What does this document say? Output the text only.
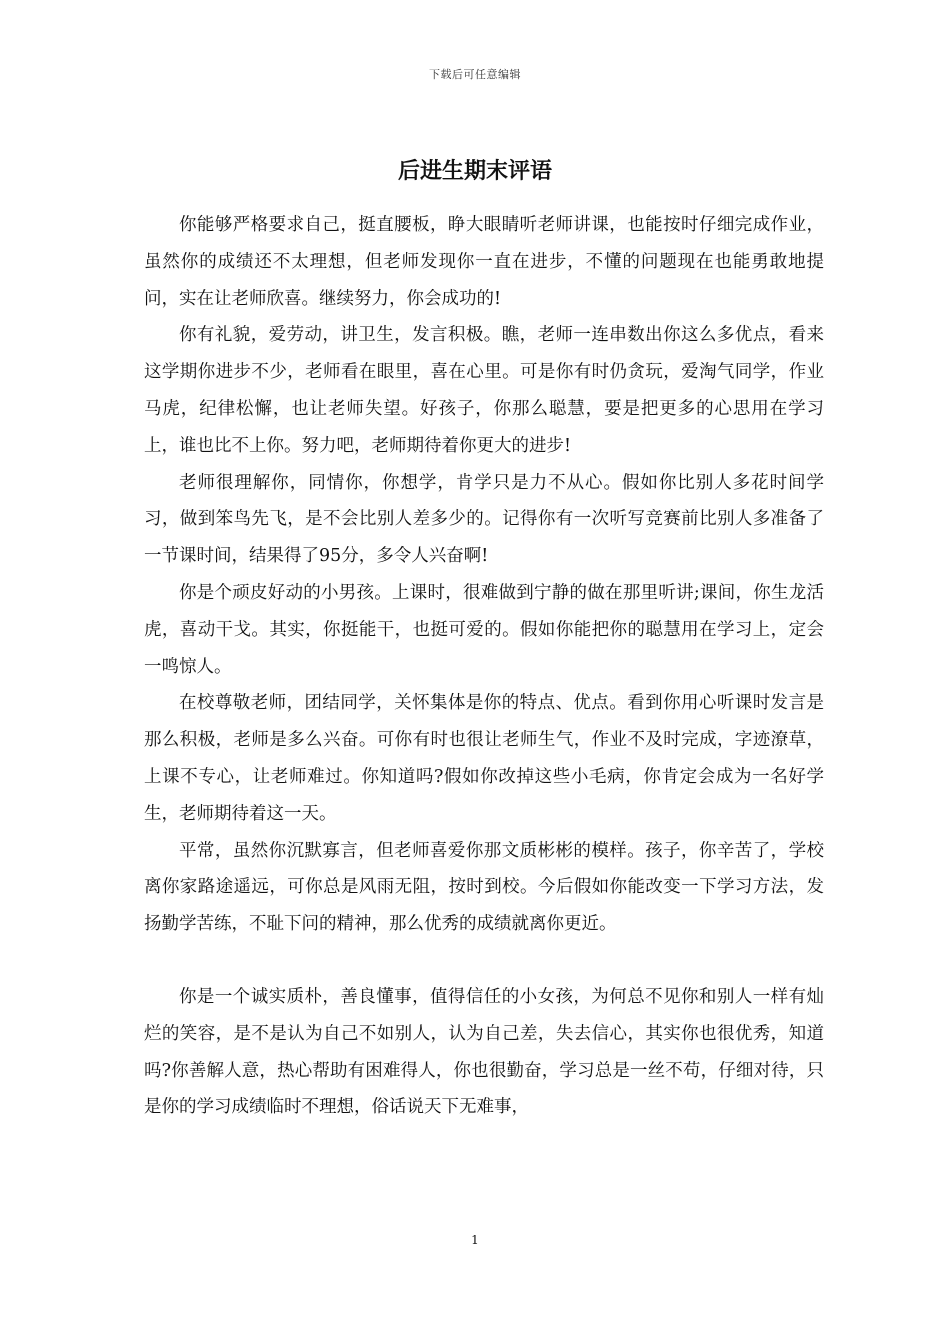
下载后可任意编辑
后进生期末评语

你能够严格要求自己，挺直腰板，睁大眼睛听老师讲课，也能按时仔细完成作业，虽然你的成绩还不太理想，但老师发现你一直在进步，不懂的问题现在也能勇敢地提问，实在让老师欣喜。继续努力，你会成功的!

你有礼貌，爱劳动，讲卫生，发言积极。瞧，老师一连串数出你这么多优点，看来这学期你进步不少，老师看在眼里，喜在心里。可是你有时仍贪玩，爱淘气同学，作业马虎，纪律松懈，也让老师失望。好孩子，你那么聪慧，要是把更多的心思用在学习上，谁也比不上你。努力吧，老师期待着你更大的进步!

老师很理解你，同情你，你想学，肯学只是力不从心。假如你比别人多花时间学习，做到笨鸟先飞，是不会比别人差多少的。记得你有一次听写竞赛前比别人多准备了一节课时间，结果得了95分，多令人兴奋啊!

你是个顽皮好动的小男孩。上课时，很难做到宁静的做在那里听讲;课间，你生龙活虎，喜动干戈。其实，你挺能干，也挺可爱的。假如你能把你的聪慧用在学习上，定会一鸣惊人。

在校尊敬老师，团结同学，关怀集体是你的特点、优点。看到你用心听课时发言是那么积极，老师是多么兴奋。可你有时也很让老师生气，作业不及时完成，字迹潦草，上课不专心，让老师难过。你知道吗?假如你改掉这些小毛病，你肯定会成为一名好学生，老师期待着这一天。

平常，虽然你沉默寡言，但老师喜爱你那文质彬彬的模样。孩子，你辛苦了，学校离你家路途遥远，可你总是风雨无阻，按时到校。今后假如你能改变一下学习方法，发扬勤学苦练，不耻下问的精神，那么优秀的成绩就离你更近。

你是一个诚实质朴，善良懂事，值得信任的小女孩，为何总不见你和别人一样有灿烂的笑容，是不是认为自己不如别人，认为自己差，失去信心，其实你也很优秀，知道吗?你善解人意，热心帮助有困难得人，你也很勤奋，学习总是一丝不苟，仔细对待，只是你的学习成绩临时不理想，俗话说天下无难事，

1
